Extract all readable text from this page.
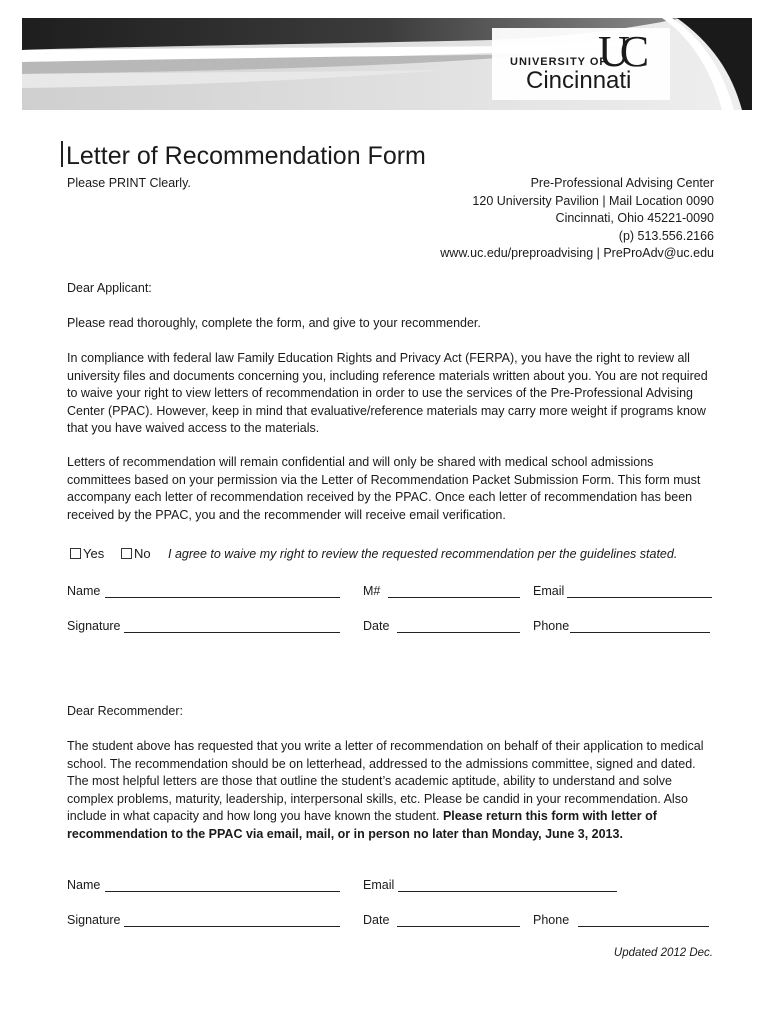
UNIVERSITY OF
UC
Cincinnati
Letter of Recommendation Form
Please PRINT Clearly.	Pre-Professional Advising Center
120 University Pavilion | Mail Location 0090
Cincinnati, Ohio 45221-0090
(p) 513.556.2166
www.uc.edu/preproadvising | PreProAdv@uc.edu
Dear Applicant:
Please read thoroughly, complete the form, and give to your recommender.
In compliance with federal law Family Education Rights and Privacy Act (FERPA), you have the right to review all university files and documents concerning you, including reference materials written about you. You are not required to waive your right to view letters of recommendation in order to use the services of the Pre-Professional Advising Center (PPAC). However, keep in mind that evaluative/reference materials may carry more weight if programs know that you have waived access to the materials.
Letters of recommendation will remain confidential and will only be shared with medical school admissions committees based on your permission via the Letter of Recommendation Packet Submission Form. This form must accompany each letter of recommendation received by the PPAC. Once each letter of recommendation has been received by the PPAC, you and the recommender will receive email verification.
Yes	No I agree to waive my right to review the requested recommendation per the guidelines stated.
Name	M#	Email
Signature	Date	Phone
Dear Recommender:
The student above has requested that you write a letter of recommendation on behalf of their application to medical school. The recommendation should be on letterhead, addressed to the admissions committee, signed and dated. The most helpful letters are those that outline the student’s academic aptitude, ability to understand and solve complex problems, maturity, leadership, interpersonal skills, etc. Please be candid in your recommendation. Also include in what capacity and how long you have known the student. Please return this form with letter of recommendation to the PPAC via email, mail, or in person no later than Monday, June 3, 2013.
Name	Email
Signature	Date	Phone
Updated 2012 Dec.
